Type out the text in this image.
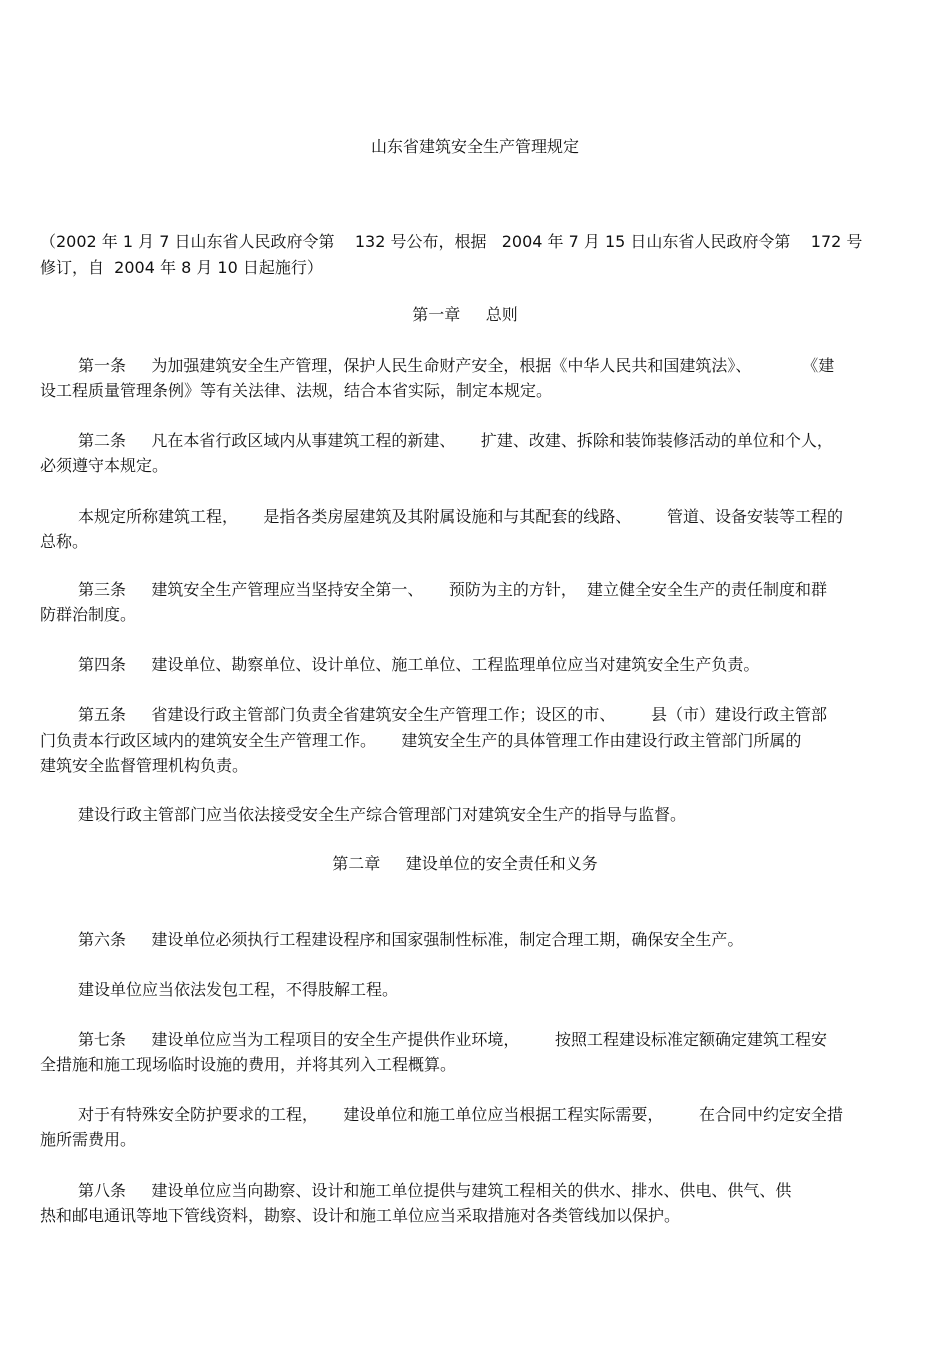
山东省建筑安全生产管理规定
（2002 年 1 月 7 日山东省人民政府令第    132 号公布，根据   2004 年 7 月 15 日山东省人民政府令第    172 号
修订，自  2004 年 8 月 10 日起施行）
第一章     总则
第一条     为加强建筑安全生产管理，保护人民生命财产安全，根据《中华人民共和国建筑法》、          《建
设工程质量管理条例》等有关法律、法规，结合本省实际，制定本规定。
第二条     凡在本省行政区域内从事建筑工程的新建、     扩建、改建、拆除和装饰装修活动的单位和个人，
必须遵守本规定。
本规定所称建筑工程，     是指各类房屋建筑及其附属设施和与其配套的线路、       管道、设备安装等工程的
总称。
第三条     建筑安全生产管理应当坚持安全第一、     预防为主的方针，  建立健全安全生产的责任制度和群
防群治制度。
第四条     建设单位、勘察单位、设计单位、施工单位、工程监理单位应当对建筑安全生产负责。
第五条     省建设行政主管部门负责全省建筑安全生产管理工作；设区的市、       县（市）建设行政主管部
门负责本行政区域内的建筑安全生产管理工作。     建筑安全生产的具体管理工作由建设行政主管部门所属的
建筑安全监督管理机构负责。
建设行政主管部门应当依法接受安全生产综合管理部门对建筑安全生产的指导与监督。
第二章     建设单位的安全责任和义务
第六条     建设单位必须执行工程建设程序和国家强制性标准，制定合理工期，确保安全生产。
建设单位应当依法发包工程，不得肢解工程。
第七条     建设单位应当为工程项目的安全生产提供作业环境，       按照工程建设标准定额确定建筑工程安
全措施和施工现场临时设施的费用，并将其列入工程概算。
对于有特殊安全防护要求的工程，     建设单位和施工单位应当根据工程实际需要，       在合同中约定安全措
施所需费用。
第八条     建设单位应当向勘察、设计和施工单位提供与建筑工程相关的供水、排水、供电、供气、供
热和邮电通讯等地下管线资料，勘察、设计和施工单位应当采取措施对各类管线加以保护。
